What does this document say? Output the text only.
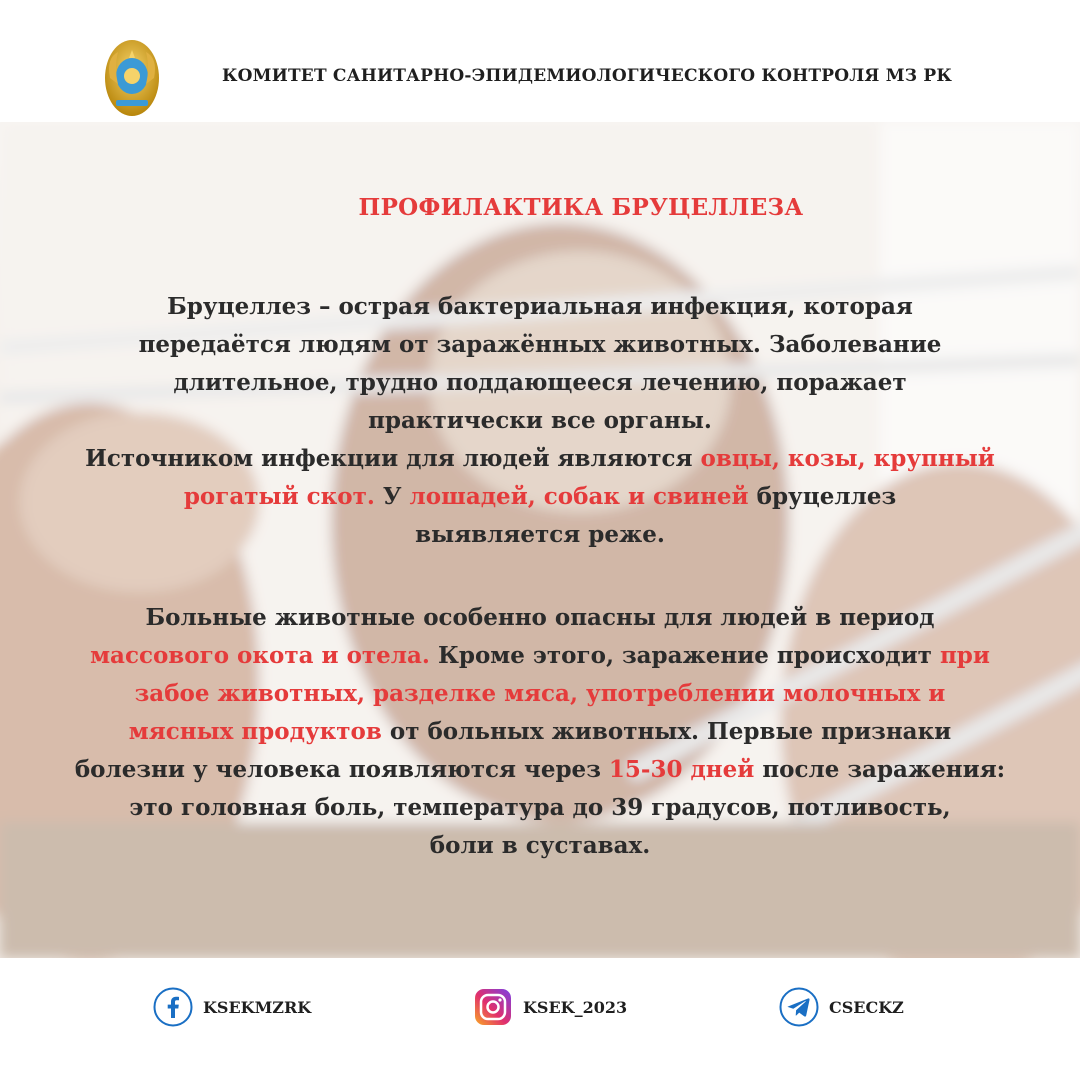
КОМИТЕТ САНИТАРНО-ЭПИДЕМИОЛОГИЧЕСКОГО КОНТРОЛЯ МЗ РК
ПРОФИЛАКТИКА БРУЦЕЛЛЕЗА
Бруцеллез – острая бактериальная инфекция, которая
передаётся людям от заражённых животных. Заболевание
длительное, трудно поддающееся лечению, поражает
практически все органы.
Источником инфекции для людей являются овцы, козы, крупный
рогатый скот. У лошадей, собак и свиней бруцеллез
выявляется реже.
Больные животные особенно опасны для людей в период
массового окота и отела. Кроме этого, заражение происходит при
забое животных, разделке мяса, употреблении молочных и
мясных продуктов от больных животных. Первые признаки
болезни у человека появляются через 15-30 дней после заражения:
это головная боль, температура до 39 градусов, потливость,
боли в суставах.
KSEKMZRK	KSEK_2023	CSECKZ
